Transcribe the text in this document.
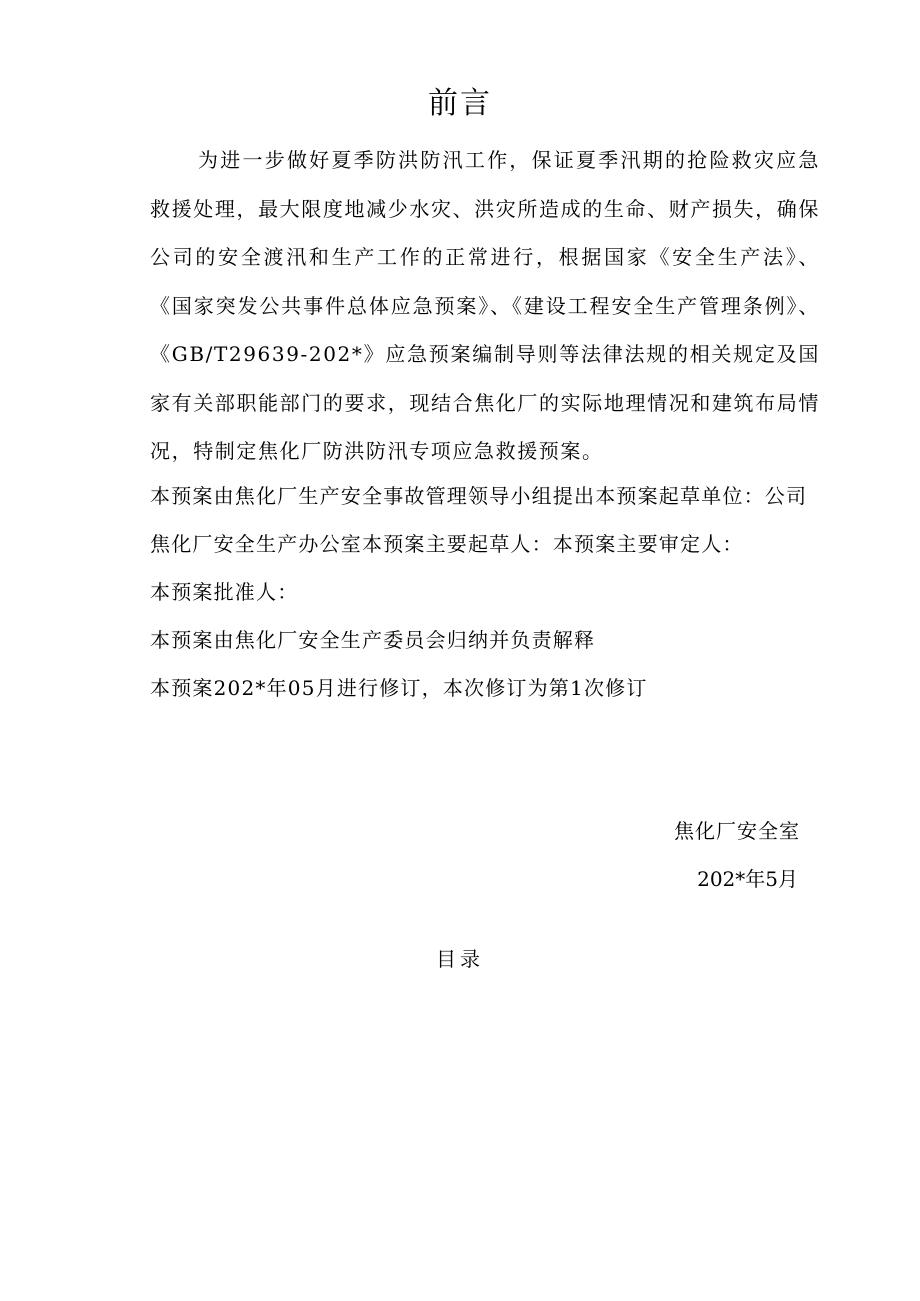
前言

为进一步做好夏季防洪防汛工作，保证夏季汛期的抢险救灾应急救援处理，最大限度地减少水灾、洪灾所造成的生命、财产损失，确保公司的安全渡汛和生产工作的正常进行，根据国家《安全生产法》、《国家突发公共事件总体应急预案》、《建设工程安全生产管理条例》、《GB/T29639-202*》应急预案编制导则等法律法规的相关规定及国家有关部职能部门的要求，现结合焦化厂的实际地理情况和建筑布局情况，特制定焦化厂防洪防汛专项应急救援预案。

本预案由焦化厂生产安全事故管理领导小组提出本预案起草单位：公司

焦化厂安全生产办公室本预案主要起草人：本预案主要审定人：

本预案批准人：

本预案由焦化厂安全生产委员会归纳并负责解释

本预案202*年05月进行修订，本次修订为第1次修订

焦化厂安全室

202*年5月

目录
